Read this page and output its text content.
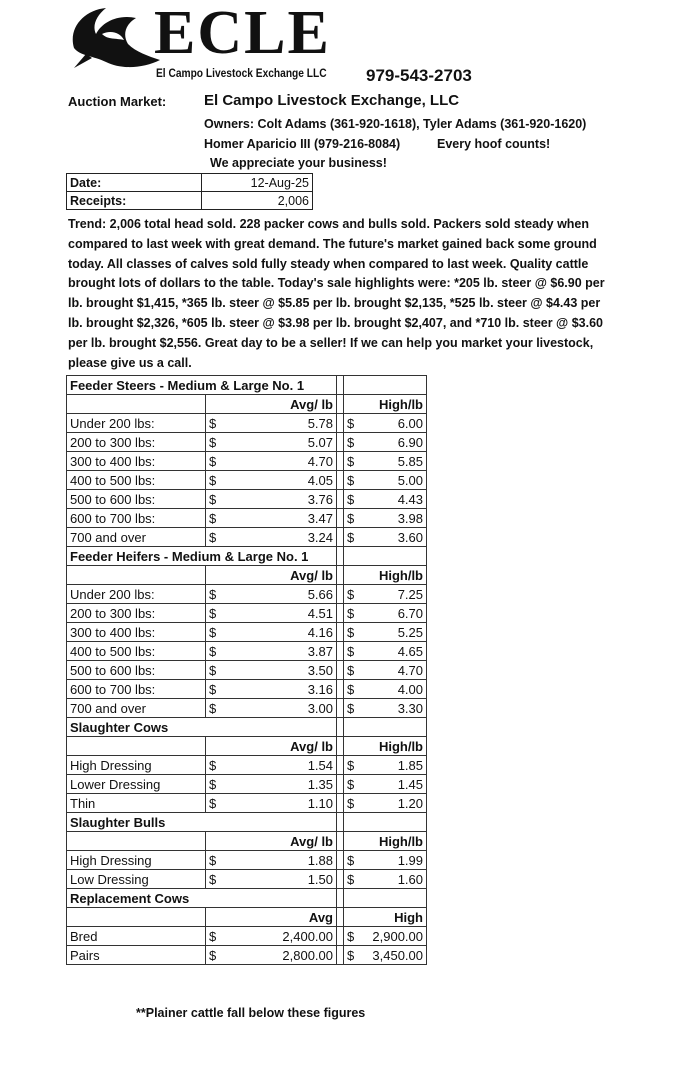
ECLE
El Campo Livestock Exchange LLC 979-543-2703
Auction Market:	El Campo Livestock Exchange, LLC
Owners: Colt Adams (361-920-1618), Tyler Adams (361-920-1620)
Homer Aparicio III (979-216-8084)	Every hoof counts!
We appreciate your business!
Date:	12-Aug-25
Receipts:	2,006
Trend: 2,006 total head sold. 228 packer cows and bulls sold. Packers sold steady when compared to last week with great demand. The future's market gained back some ground today. All classes of calves sold fully steady when compared to last week. Quality cattle brought lots of dollars to the table. Today's sale highlights were: *205 lb. steer @ $6.90 per lb. brought $1,415, *365 lb. steer @ $5.85 per lb. brought $2,135, *525 lb. steer @ $4.43 per lb. brought $2,326, *605 lb. steer @ $3.98 per lb. brought $2,407, and *710 lb. steer @ $3.60 per lb. brought $2,556. Great day to be a seller! If we can help you market your livestock, please give us a call.
Feeder Steers - Medium & Large No. 1			
	Avg/ lb		High/lb
Under 200 lbs:	$ 5.78		$ 6.00

200 to 300 lbs:	$ 5.07		$ 6.90

300 to 400 lbs:	$ 4.70		$ 5.85

400 to 500 lbs:	$ 4.05		$ 5.00

500 to 600 lbs:	$ 3.76		$ 4.43

600 to 700 lbs:	$ 3.47		$ 3.98

700 and over	$ 3.24		$ 3.60

Feeder Heifers - Medium & Large No. 1			
	Avg/ lb		High/lb
Under 200 lbs:	$ 5.66		$ 7.25

200 to 300 lbs:	$ 4.51		$ 6.70

300 to 400 lbs:	$ 4.16		$ 5.25

400 to 500 lbs:	$ 3.87		$ 4.65

500 to 600 lbs:	$ 3.50		$ 4.70

600 to 700 lbs:	$ 3.16		$ 4.00

700 and over	$ 3.00		$ 3.30

Slaughter Cows			
	Avg/ lb		High/lb
High Dressing	$ 1.54		$ 1.85

Lower Dressing	$ 1.35		$ 1.45

Thin	$ 1.10		$ 1.20

Slaughter Bulls			
	Avg/ lb		High/lb
High Dressing	$ 1.88		$ 1.99

Low Dressing	$ 1.50		$ 1.60

Replacement Cows			
	Avg		High
Bred	$ 2,400.00		$ 2,900.00

Pairs	$ 2,800.00		$ 3,450.00
**Plainer cattle fall below these figures
